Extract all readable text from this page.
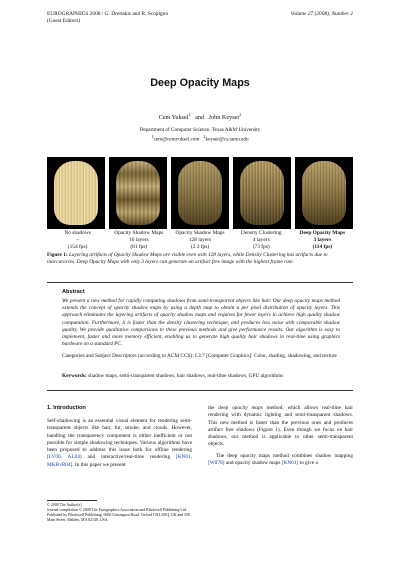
EUROGRAPHICS 2008 / G. Drettakis and R. Scopigno
(Guest Editors)
Volume 27 (2008), Number 2
Deep Opacity Maps
Cem Yuksel$^1$ and John Keyser$^2$
Department of Computer Science, Texas A&M University
$^1$cem@cemyuksel.com   $^2$keyser@cs.tamu.edu
No shadows
–
(154 fps)
Opacity Shadow Maps
16 layers
(81 fps)
Opacity Shadow Maps
128 layers
(2.3 fps)
Density Clustering
4 layers
(73 fps)
Deep Opacity Maps
3 layers
(114 fps)
Figure 1: Layering artifacts of Opacity Shadow Maps are visible even with 128 layers, while Density Clustering has artifacts due to inaccuracies. Deep Opacity Maps with only 3 layers can generate an artifact free image with the highest frame rate.
Abstract
We present a new method for rapidly computing shadows from semi-transparent objects like hair. Our deep opacity maps method extends the concept of opacity shadow maps by using a depth map to obtain a per pixel distribution of opacity layers. This approach eliminates the layering artifacts of opacity shadow maps and requires far fewer layers to achieve high quality shadow computation. Furthermore, it is faster than the density clustering technique, and produces less noise with comparable shadow quality. We provide qualitative comparisons to these previous methods and give performance results. Our algorithm is easy to implement, faster and more memory efficient, enabling us to generate high quality hair shadows in real-time using graphics hardware on a standard PC.
Categories and Subject Descriptors (according to ACM CCS): I.3.7 [Computer Graphics]: Color, shading, shadowing, and texture
Keywords: shadow maps, semi-transparent shadows, hair shadows, real-time shadows, GPU algorithms
1. Introduction
Self-shadowing is an essential visual element for rendering semi-transparent objects like hair, fur, smoke, and clouds. However, handling the transparency component is either inefficient or not possible for simple shadowing techniques. Various algorithms have been proposed to address this issue both for offline rendering [LV00, AL04] and interactive/real-time rendering [KN01, MKBvR04]. In this paper we present

the deep opacity maps method, which allows real-time hair rendering with dynamic lighting and semi-transparent shadows. This new method is faster than the previous ones and produces artifact free shadows (Figure 1). Even though we focus on hair shadows, our method is applicable to other semi-transparent objects.

The deep opacity maps method combines shadow mapping [Wil78] and opacity shadow maps [KN01] to give a

© 2008 The Author(s)
Journal compilation © 2008 The Eurographics Association and Blackwell Publishing Ltd.
Published by Blackwell Publishing, 9600 Garsington Road, Oxford OX4 2DQ, UK and 350 Main Street, Malden, MA 02148, USA.
